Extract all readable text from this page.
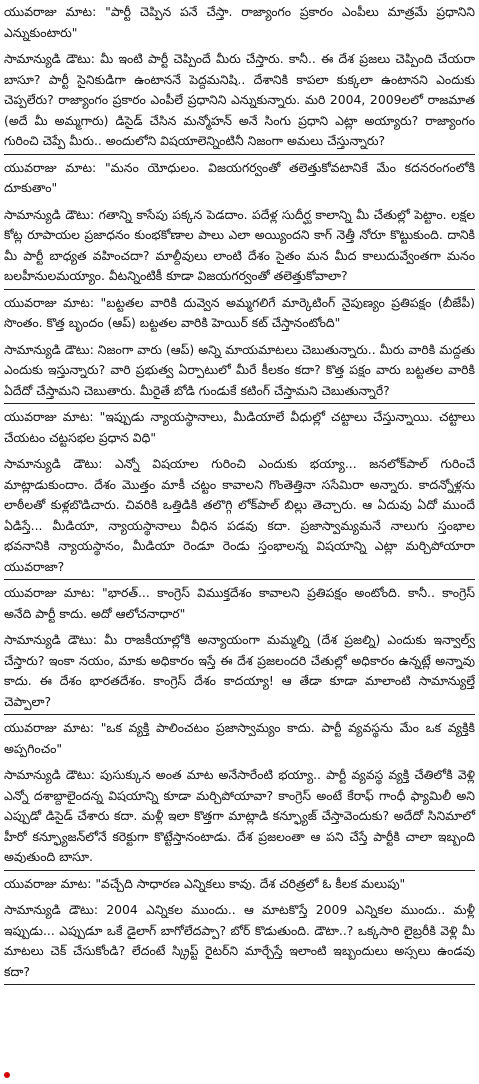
యువరాజు మాట: "పార్టీ చెప్పిన పనే చేస్తా. రాజ్యాంగం ప్రకారం ఎంపీలు మాత్రమే ప్రధానిని ఎన్నుకుంటారు"

సామాన్యుడి డౌటు: మీ ఇంటి పార్టీ చెప్పిందే మీరు చేస్తారు. కానీ.. ఈ దేశ ప్రజలు చెప్పింది చేయరా బాసూ? పార్టీ సైనికుడిగా ఉంటాననే పెద్దమనిషి.. దేశానికి కాపలా కుక్కలా ఉంటానని ఎందుకు చెప్పలేరు? రాజ్యాంగం ప్రకారం ఎంపీలే ప్రధానిని ఎన్నుకున్నారు. మరి 2004, 2009లలో రాజమాత (అదే మీ అమ్మగారు) డిసైడ్ చేసిన మన్మోహన్ అనే సింగు ప్రధాని ఎట్లా అయ్యారు? రాజ్యాంగం గురించి చెప్పే మీరు.. అందులోని విషయాలెన్నింటినీ నిజంగా అమలు చేస్తున్నారు?

యువరాజు మాట: "మనం యోధులం. విజయగర్వంతో తలెత్తుకోవటానికే మేం కదనరంగంలోకి దూకుతాం"

సామాన్యుడి డౌటు: గతాన్ని కాసేపు పక్కన పెడదాం. పదేళ్ల సుదీర్ఘ కాలాన్ని మీ చేతుల్లో పెట్టాం. లక్షల కోట్ల రూపాయల ప్రజాధనం కుంభకోణాల పాలు ఎలా అయ్యిందని కాగ్ నెత్తీ నోరూ కొట్టుకుంది. దానికి మీ పార్టీ బాధ్యత వహించదా? మాల్దీవులు లాంటి దేశం సైతం మన మీద కాలుదువ్వేంతగా మనం బలహీనులమయ్యాం. వీటన్నింటికీ కూడా విజయగర్వంతో తలెత్తుకోవాలా?

యువరాజు మాట: "బట్టతల వారికి దువ్వెన అమ్మగలిగే మార్కెటింగ్ నైపుణ్యం ప్రతిపక్షం (బీజేపీ) సొంతం. కొత్త బృందం (ఆప్) బట్టతల వారికి హెయిర్ కట్ చేస్తానంటోంది"

సామాన్యుడి డౌటు: నిజంగా వారు (ఆప్) అన్ని మాయమాటలు చెబుతున్నారు.. మీరు వారికి మద్దతు ఎందుకు ఇస్తున్నారు? వారి ప్రభుత్వ ఏర్పాటులో మీరే కీలకం కదా? కొత్త పక్షం వారు బట్టతల వారికి ఏదేదో చేస్తామని చెబుతారు. మీరైతే బోడి గుండుకే కటింగ్ చేస్తామని చెబుతున్నారే?

యువరాజు మాట: "ఇప్పుడు న్యాయస్థానాలు, మీడియాలే వీధుల్లో చట్టాలు చేస్తున్నాయి. చట్టాలు చేయటం చట్టసభల ప్రధాన విధి"

సామాన్యుడి డౌటు: ఎన్నో విషయాల గురించి ఎందుకు భయ్యా... జనలోక్‌పాల్ గురించే మాట్లాడుకుందాం. దేశం మొత్తం మాకీ చట్టం కావాలని గొంతెత్తినా ససేమిరా అన్నారు. కాదన్నోళ్లను లాఠీలతో కుళ్లబొడిచారు. చివరికి ఒత్తిడికి తలొగ్గి లోక్‌పాల్ బిల్లు తెచ్చారు. ఆ ఏదువు ఏదో ముందే ఏడిస్తే... మీడియా, న్యాయస్థానాలు వీధిన పడవు కదా. ప్రజాస్వామ్యమనే నాలుగు స్తంభాల భవనానికి న్యాయస్థానం, మీడియా రెండూ రెండు స్తంభాలన్న విషయాన్ని ఎట్లా మర్చిపోయారా యువరాజా?

యువరాజు మాట: "భారత్... కాంగ్రెస్ విముక్తదేశం కావాలని ప్రతిపక్షం అంటోంది. కానీ.. కాంగ్రెస్ అనేది పార్టీ కాదు. అదో ఆలోచనాధార"

సామాన్యుడి డౌటు: మీ రాజకీయాల్లోకి అన్యాయంగా మమ్మల్ని (దేశ ప్రజల్ని) ఎందుకు ఇన్వాల్వ్ చేస్తారు? ఇంకా నయం, మాకు అధికారం ఇస్తే ఈ దేశ ప్రజలందరి చేతుల్లో అధికారం ఉన్నట్లే అన్నావు కాదు. ఈ దేశం భారతదేశం. కాంగ్రెస్ దేశం కాదయ్యా! ఆ తేడా కూడా మాలాంటి సామాన్యుల్తే చెప్పాలా?

యువరాజు మాట: "ఒక వ్యక్తి పాలించటం ప్రజాస్వామ్యం కాదు. పార్టీ వ్యవస్థను మేం ఒక వ్యక్తికి అప్పగించం"

సామాన్యుడి డౌటు: పుసుక్కున అంత మాట అనేసారేంటి భయ్యా.. పార్టీ వ్యవస్థ వ్యక్తి చేతిలోకి వెళ్లి ఎన్నో దశాబ్దాలైందన్న విషయాన్ని కూడా మర్చిపోయావా? కాంగ్రెస్ అంటే కేరాఫ్ గాంధీ ఫ్యామిలీ అని ఎప్పుడో డిసైడ్ చేశారు కదా. మళ్లీ ఇలా కొత్తగా మాట్లాడి కన్ఫ్యూజ్ చేస్తావెందుకు? అదేదో సినిమాలో హీరో కన్ఫ్యూజన్‌లోనే కరెక్టుగా కొట్టేస్తానంటాడు. దేశ ప్రజలంతా ఆ పని చేస్తే పార్టీకి చాలా ఇబ్బంది అవుతుంది బాసూ.

యువరాజు మాట: "వచ్చేది సాధారణ ఎన్నికలు కావు. దేశ చరిత్రలో ఓ కీలక మలుపు"

సామాన్యుడి డౌటు: 2004 ఎన్నికల ముందు.. ఆ మాటకొస్తే 2009 ఎన్నికల ముందు.. మళ్లీ ఇప్పుడు... ఎప్పుడూ ఒకే డైలాగ్ బాగోలేదప్పా? బోర్ కొడుతుంది. డౌటా..? ఒక్కసారి లైబ్రరీకి వెళ్లి మీ మాటలు చెక్ చేసుకోండి? లేదంటే స్క్రిప్ట్ రైటర్‌ని మార్చేస్తే ఇలాంటి ఇబ్బందులు అస్సలు ఉండవు కదా?
